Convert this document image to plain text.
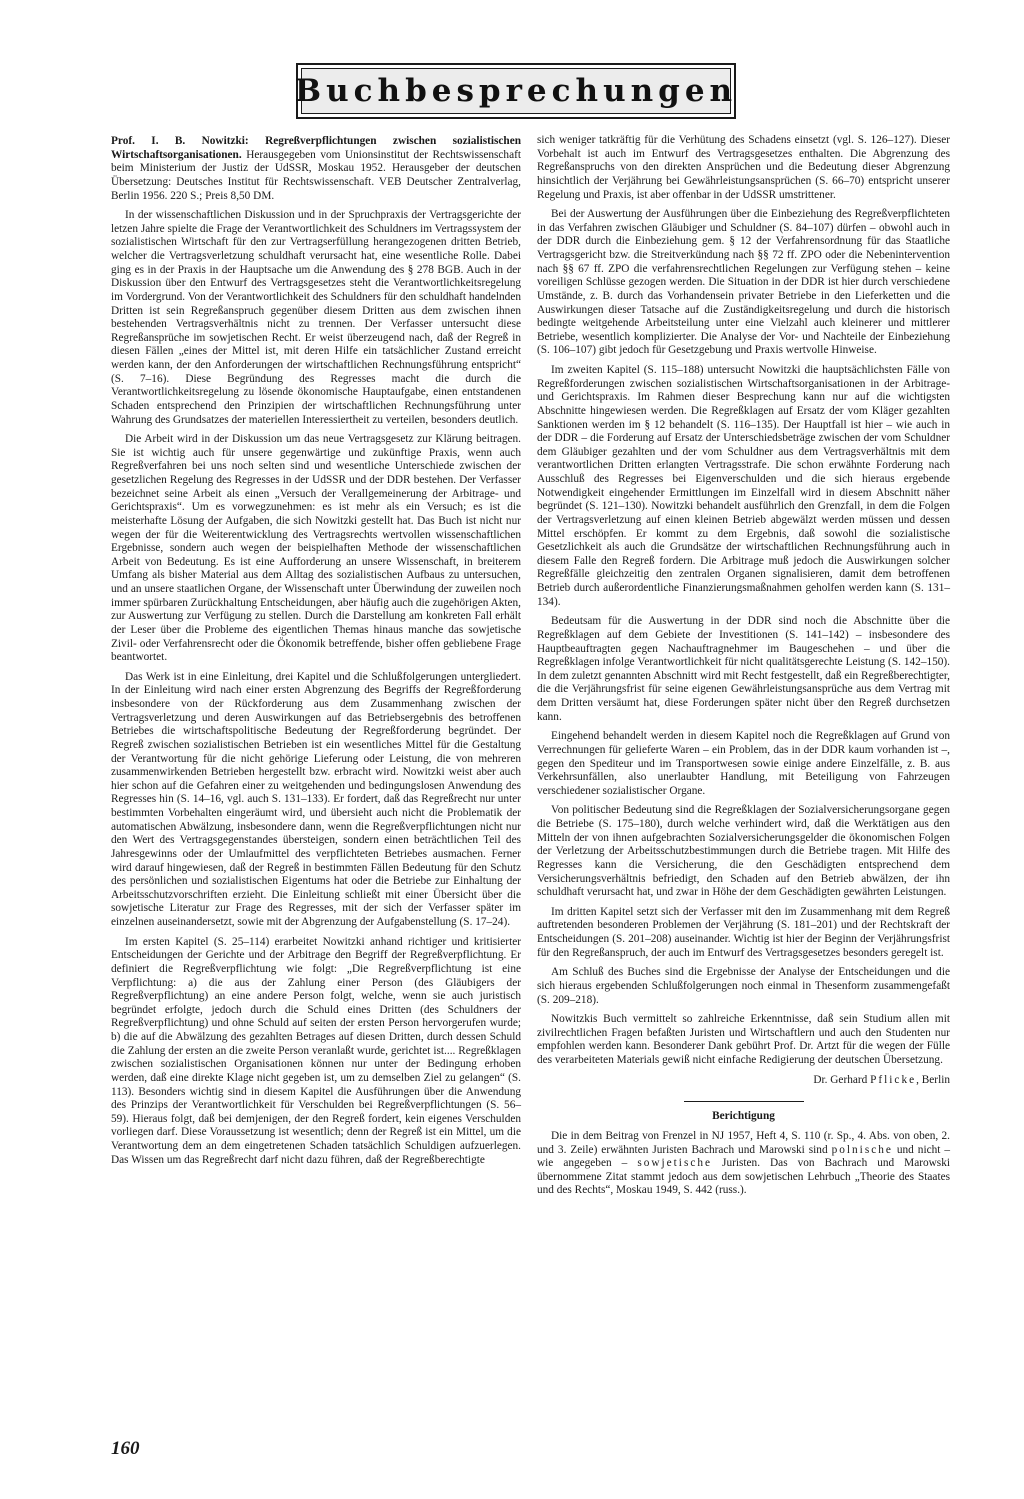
Buchbesprechungen

Prof. I. B. Nowitzki: Regreßverpflichtungen zwischen sozialistischen Wirtschaftsorganisationen. Herausgegeben vom Unionsinstitut der Rechtswissenschaft beim Ministerium der Justiz der UdSSR, Moskau 1952. Herausgeber der deutschen Übersetzung: Deutsches Institut für Rechtswissenschaft. VEB Deutscher Zentralverlag, Berlin 1956. 220 S.; Preis 8,50 DM.

In der wissenschaftlichen Diskussion und in der Spruchpraxis der Vertragsgerichte der letzen Jahre spielte die Frage der Verantwortlichkeit des Schuldners im Vertragssystem der sozialistischen Wirtschaft für den zur Vertragserfüllung herangezogenen dritten Betrieb, welcher die Vertragsverletzung schuldhaft verursacht hat, eine wesentliche Rolle. Dabei ging es in der Praxis in der Hauptsache um die Anwendung des § 278 BGB. Auch in der Diskussion über den Entwurf des Vertragsgesetzes steht die Verantwortlichkeitsregelung im Vordergrund. Von der Verantwortlichkeit des Schuldners für den schuldhaft handelnden Dritten ist sein Regreßanspruch gegenüber diesem Dritten aus dem zwischen ihnen bestehenden Vertragsverhältnis nicht zu trennen. Der Verfasser untersucht diese Regreßansprüche im sowjetischen Recht. Er weist überzeugend nach, daß der Regreß in diesen Fällen „eines der Mittel ist, mit deren Hilfe ein tatsächlicher Zustand erreicht werden kann, der den Anforderungen der wirtschaftlichen Rechnungsführung entspricht“ (S. 7–16). Diese Begründung des Regresses macht die durch die Verantwortlichkeitsregelung zu lösende ökonomische Hauptaufgabe, einen entstandenen Schaden entsprechend den Prinzipien der wirtschaftlichen Rechnungsführung unter Wahrung des Grundsatzes der materiellen Interessiertheit zu verteilen, besonders deutlich.

Die Arbeit wird in der Diskussion um das neue Vertragsgesetz zur Klärung beitragen. Sie ist wichtig auch für unsere gegenwärtige und zukünftige Praxis, wenn auch Regreßverfahren bei uns noch selten sind und wesentliche Unterschiede zwischen der gesetzlichen Regelung des Regresses in der UdSSR und der DDR bestehen. Der Verfasser bezeichnet seine Arbeit als einen „Versuch der Verallgemeinerung der Arbitrage- und Gerichtspraxis“. Um es vorwegzunehmen: es ist mehr als ein Versuch; es ist die meisterhafte Lösung der Aufgaben, die sich Nowitzki gestellt hat. Das Buch ist nicht nur wegen der für die Weiterentwicklung des Vertragsrechts wertvollen wissenschaftlichen Ergebnisse, sondern auch wegen der beispielhaften Methode der wissenschaftlichen Arbeit von Bedeutung. Es ist eine Aufforderung an unsere Wissenschaft, in breiterem Umfang als bisher Material aus dem Alltag des sozialistischen Aufbaus zu untersuchen, und an unsere staatlichen Organe, der Wissenschaft unter Überwindung der zuweilen noch immer spürbaren Zurückhaltung Entscheidungen, aber häufig auch die zugehörigen Akten, zur Auswertung zur Verfügung zu stellen. Durch die Darstellung am konkreten Fall erhält der Leser über die Probleme des eigentlichen Themas hinaus manche das sowjetische Zivil- oder Verfahrensrecht oder die Ökonomik betreffende, bisher offen gebliebene Frage beantwortet.

Das Werk ist in eine Einleitung, drei Kapitel und die Schlußfolgerungen untergliedert. In der Einleitung wird nach einer ersten Abgrenzung des Begriffs der Regreßforderung insbesondere von der Rückforderung aus dem Zusammenhang zwischen der Vertragsverletzung und deren Auswirkungen auf das Betriebsergebnis des betroffenen Betriebes die wirtschaftspolitische Bedeutung der Regreßforderung begründet. Der Regreß zwischen sozialistischen Betrieben ist ein wesentliches Mittel für die Gestaltung der Verantwortung für die nicht gehörige Lieferung oder Leistung, die von mehreren zusammenwirkenden Betrieben hergestellt bzw. erbracht wird. Nowitzki weist aber auch hier schon auf die Gefahren einer zu weitgehenden und bedingungslosen Anwendung des Regresses hin (S. 14–16, vgl. auch S. 131–133). Er fordert, daß das Regreßrecht nur unter bestimmten Vorbehalten eingeräumt wird, und übersieht auch nicht die Problematik der automatischen Abwälzung, insbesondere dann, wenn die Regreßverpflichtungen nicht nur den Wert des Vertragsgegenstandes übersteigen, sondern einen beträchtlichen Teil des Jahresgewinns oder der Umlaufmittel des verpflichteten Betriebes ausmachen. Ferner wird darauf hingewiesen, daß der Regreß in bestimmten Fällen Bedeutung für den Schutz des persönlichen und sozialistischen Eigentums hat oder die Betriebe zur Einhaltung der Arbeitsschutzvorschriften erzieht. Die Einleitung schließt mit einer Übersicht über die sowjetische Literatur zur Frage des Regresses, mit der sich der Verfasser später im einzelnen auseinandersetzt, sowie mit der Abgrenzung der Aufgabenstellung (S. 17–24).

Im ersten Kapitel (S. 25–114) erarbeitet Nowitzki anhand richtiger und kritisierter Entscheidungen der Gerichte und der Arbitrage den Begriff der Regreßverpflichtung. Er definiert die Regreßverpflichtung wie folgt: „Die Regreßverpflichtung ist eine Verpflichtung: a) die aus der Zahlung einer Person (des Gläubigers der Regreßverpflichtung) an eine andere Person folgt, welche, wenn sie auch juristisch begründet erfolgte, jedoch durch die Schuld eines Dritten (des Schuldners der Regreßverpflichtung) und ohne Schuld auf seiten der ersten Person hervorgerufen wurde; b) die auf die Abwälzung des gezahlten Betrages auf diesen Dritten, durch dessen Schuld die Zahlung der ersten an die zweite Person veranlaßt wurde, gerichtet ist.... Regreßklagen zwischen sozialistischen Organisationen können nur unter der Bedingung erhoben werden, daß eine direkte Klage nicht gegeben ist, um zu demselben Ziel zu gelangen“ (S. 113). Besonders wichtig sind in diesem Kapitel die Ausführungen über die Anwendung des Prinzips der Verantwortlichkeit für Verschulden bei Regreßverpflichtungen (S. 56–59). Hieraus folgt, daß bei demjenigen, der den Regreß fordert, kein eigenes Verschulden vorliegen darf. Diese Voraussetzung ist wesentlich; denn der Regreß ist ein Mittel, um die Verantwortung dem an dem eingetretenen Schaden tatsächlich Schuldigen aufzuerlegen. Das Wissen um das Regreßrecht darf nicht dazu führen, daß der Regreßberechtigte

sich weniger tatkräftig für die Verhütung des Schadens einsetzt (vgl. S. 126–127). Dieser Vorbehalt ist auch im Entwurf des Vertragsgesetzes enthalten. Die Abgrenzung des Regreßanspruchs von den direkten Ansprüchen und die Bedeutung dieser Abgrenzung hinsichtlich der Verjährung bei Gewährleistungsansprüchen (S. 66–70) entspricht unserer Regelung und Praxis, ist aber offenbar in der UdSSR umstrittener.

Bei der Auswertung der Ausführungen über die Einbeziehung des Regreßverpflichteten in das Verfahren zwischen Gläubiger und Schuldner (S. 84–107) dürfen – obwohl auch in der DDR durch die Einbeziehung gem. § 12 der Verfahrensordnung für das Staatliche Vertragsgericht bzw. die Streitverkündung nach §§ 72 ff. ZPO oder die Nebenintervention nach §§ 67 ff. ZPO die verfahrensrechtlichen Regelungen zur Verfügung stehen – keine voreiligen Schlüsse gezogen werden. Die Situation in der DDR ist hier durch verschiedene Umstände, z. B. durch das Vorhandensein privater Betriebe in den Lieferketten und die Auswirkungen dieser Tatsache auf die Zuständigkeitsregelung und durch die historisch bedingte weitgehende Arbeitsteilung unter eine Vielzahl auch kleinerer und mittlerer Betriebe, wesentlich komplizierter. Die Analyse der Vor- und Nachteile der Einbeziehung (S. 106–107) gibt jedoch für Gesetzgebung und Praxis wertvolle Hinweise.

Im zweiten Kapitel (S. 115–188) untersucht Nowitzki die hauptsächlichsten Fälle von Regreßforderungen zwischen sozialistischen Wirtschaftsorganisationen in der Arbitrage- und Gerichtspraxis. Im Rahmen dieser Besprechung kann nur auf die wichtigsten Abschnitte hingewiesen werden. Die Regreßklagen auf Ersatz der vom Kläger gezahlten Sanktionen werden im § 12 behandelt (S. 116–135). Der Hauptfall ist hier – wie auch in der DDR – die Forderung auf Ersatz der Unterschiedsbeträge zwischen der vom Schuldner dem Gläubiger gezahlten und der vom Schuldner aus dem Vertragsverhältnis mit dem verantwortlichen Dritten erlangten Vertragsstrafe. Die schon erwähnte Forderung nach Ausschluß des Regresses bei Eigenverschulden und die sich hieraus ergebende Notwendigkeit eingehender Ermittlungen im Einzelfall wird in diesem Abschnitt näher begründet (S. 121–130). Nowitzki behandelt ausführlich den Grenzfall, in dem die Folgen der Vertragsverletzung auf einen kleinen Betrieb abgewälzt werden müssen und dessen Mittel erschöpfen. Er kommt zu dem Ergebnis, daß sowohl die sozialistische Gesetzlichkeit als auch die Grundsätze der wirtschaftlichen Rechnungsführung auch in diesem Falle den Regreß fordern. Die Arbitrage muß jedoch die Auswirkungen solcher Regreßfälle gleichzeitig den zentralen Organen signalisieren, damit dem betroffenen Betrieb durch außerordentliche Finanzierungsmaßnahmen geholfen werden kann (S. 131–134).

Bedeutsam für die Auswertung in der DDR sind noch die Abschnitte über die Regreßklagen auf dem Gebiete der Investitionen (S. 141–142) – insbesondere des Hauptbeauftragten gegen Nachauftragnehmer im Baugeschehen – und über die Regreßklagen infolge Verantwortlichkeit für nicht qualitätsgerechte Leistung (S. 142–150). In dem zuletzt genannten Abschnitt wird mit Recht festgestellt, daß ein Regreßberechtigter, die die Verjährungsfrist für seine eigenen Gewährleistungsansprüche aus dem Vertrag mit dem Dritten versäumt hat, diese Forderungen später nicht über den Regreß durchsetzen kann.

Eingehend behandelt werden in diesem Kapitel noch die Regreßklagen auf Grund von Verrechnungen für gelieferte Waren – ein Problem, das in der DDR kaum vorhanden ist –, gegen den Spediteur und im Transportwesen sowie einige andere Einzelfälle, z. B. aus Verkehrsunfällen, also unerlaubter Handlung, mit Beteiligung von Fahrzeugen verschiedener sozialistischer Organe.

Von politischer Bedeutung sind die Regreßklagen der Sozialversicherungsorgane gegen die Betriebe (S. 175–180), durch welche verhindert wird, daß die Werktätigen aus den Mitteln der von ihnen aufgebrachten Sozialversicherungsgelder die ökonomischen Folgen der Verletzung der Arbeitsschutzbestimmungen durch die Betriebe tragen. Mit Hilfe des Regresses kann die Versicherung, die den Geschädigten entsprechend dem Versicherungsverhältnis befriedigt, den Schaden auf den Betrieb abwälzen, der ihn schuldhaft verursacht hat, und zwar in Höhe der dem Geschädigten gewährten Leistungen.

Im dritten Kapitel setzt sich der Verfasser mit den im Zusammenhang mit dem Regreß auftretenden besonderen Problemen der Verjährung (S. 181–201) und der Rechtskraft der Entscheidungen (S. 201–208) auseinander. Wichtig ist hier der Beginn der Verjährungsfrist für den Regreßanspruch, der auch im Entwurf des Vertragsgesetzes besonders geregelt ist.

Am Schluß des Buches sind die Ergebnisse der Analyse der Entscheidungen und die sich hieraus ergebenden Schlußfolgerungen noch einmal in Thesenform zusammengefaßt (S. 209–218).

Nowitzkis Buch vermittelt so zahlreiche Erkenntnisse, daß sein Studium allen mit zivilrechtlichen Fragen befaßten Juristen und Wirtschaftlern und auch den Studenten nur empfohlen werden kann. Besonderer Dank gebührt Prof. Dr. Artzt für die wegen der Fülle des verarbeiteten Materials gewiß nicht einfache Redigierung der deutschen Übersetzung.

Dr. Gerhard Pflicke, Berlin

Berichtigung

Die in dem Beitrag von Frenzel in NJ 1957, Heft 4, S. 110 (r. Sp., 4. Abs. von oben, 2. und 3. Zeile) erwähnten Juristen Bachrach und Marowski sind polnische und nicht – wie angegeben – sowjetische Juristen. Das von Bachrach und Marowski übernommene Zitat stammt jedoch aus dem sowjetischen Lehrbuch „Theorie des Staates und des Rechts“, Moskau 1949, S. 442 (russ.).

160
